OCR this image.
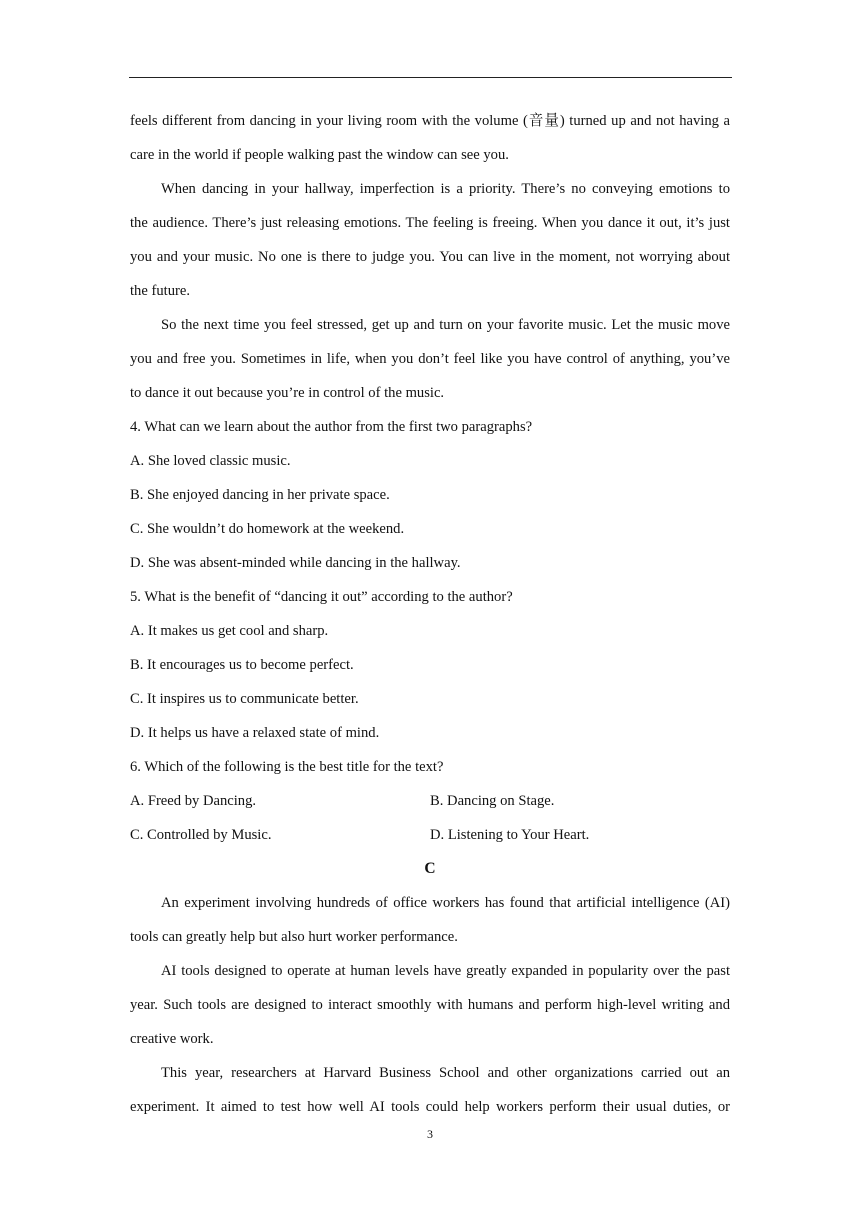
feels different from dancing in your living room with the volume (音量) turned up and not having a
care in the world if people walking past the window can see you.
When dancing in your hallway, imperfection is a priority. There’s no conveying emotions to
the audience. There’s just releasing emotions. The feeling is freeing. When you dance it out, it’s just
you and your music. No one is there to judge you. You can live in the moment, not worrying about
the future.
So the next time you feel stressed, get up and turn on your favorite music. Let the music move
you and free you. Sometimes in life, when you don’t feel like you have control of anything, you’ve
to dance it out because you’re in control of the music.
4. What can we learn about the author from the first two paragraphs?
A. She loved classic music.
B. She enjoyed dancing in her private space.
C. She wouldn’t do homework at the weekend.
D. She was absent-minded while dancing in the hallway.
5. What is the benefit of “dancing it out” according to the author?
A. It makes us get cool and sharp.
B. It encourages us to become perfect.
C. It inspires us to communicate better.
D. It helps us have a relaxed state of mind.
6. Which of the following is the best title for the text?
A. Freed by Dancing.	B. Dancing on Stage.
C. Controlled by Music.	D. Listening to Your Heart.
C
An experiment involving hundreds of office workers has found that artificial intelligence (AI)
tools can greatly help but also hurt worker performance.
AI tools designed to operate at human levels have greatly expanded in popularity over the past
year. Such tools are designed to interact smoothly with humans and perform high-level writing and
creative work.
This year, researchers at Harvard Business School and other organizations carried out an
experiment. It aimed to test how well AI tools could help workers perform their usual duties, or
3
